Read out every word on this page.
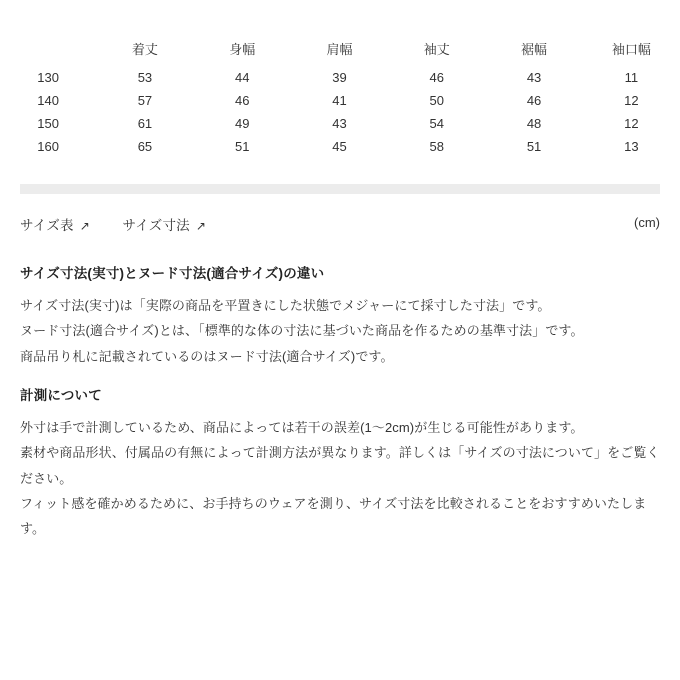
	着丈	身幅	肩幅	袖丈	裾幅	袖口幅
130	53	44	39	46	43	11
140	57	46	41	50	46	12
150	61	49	43	54	48	12
160	65	51	45	58	51	13
サイズ表 ↗ サイズ寸法 ↗	(cm)
サイズ寸法(実寸)とヌード寸法(適合サイズ)の違い
サイズ寸法(実寸)は「実際の商品を平置きにした状態でメジャーにて採寸した寸法」です。
ヌード寸法(適合サイズ)とは、「標準的な体の寸法に基づいた商品を作るための基準寸法」です。
商品吊り札に記載されているのはヌード寸法(適合サイズ)です。
計測について
外寸は手で計測しているため、商品によっては若干の誤差(1〜2cm)が生じる可能性があります。
素材や商品形状、付属品の有無によって計測方法が異なります。詳しくは「サイズの寸法について」をご覧ください。
フィット感を確かめるために、お手持ちのウェアを測り、サイズ寸法を比較されることをおすすめいたします。
